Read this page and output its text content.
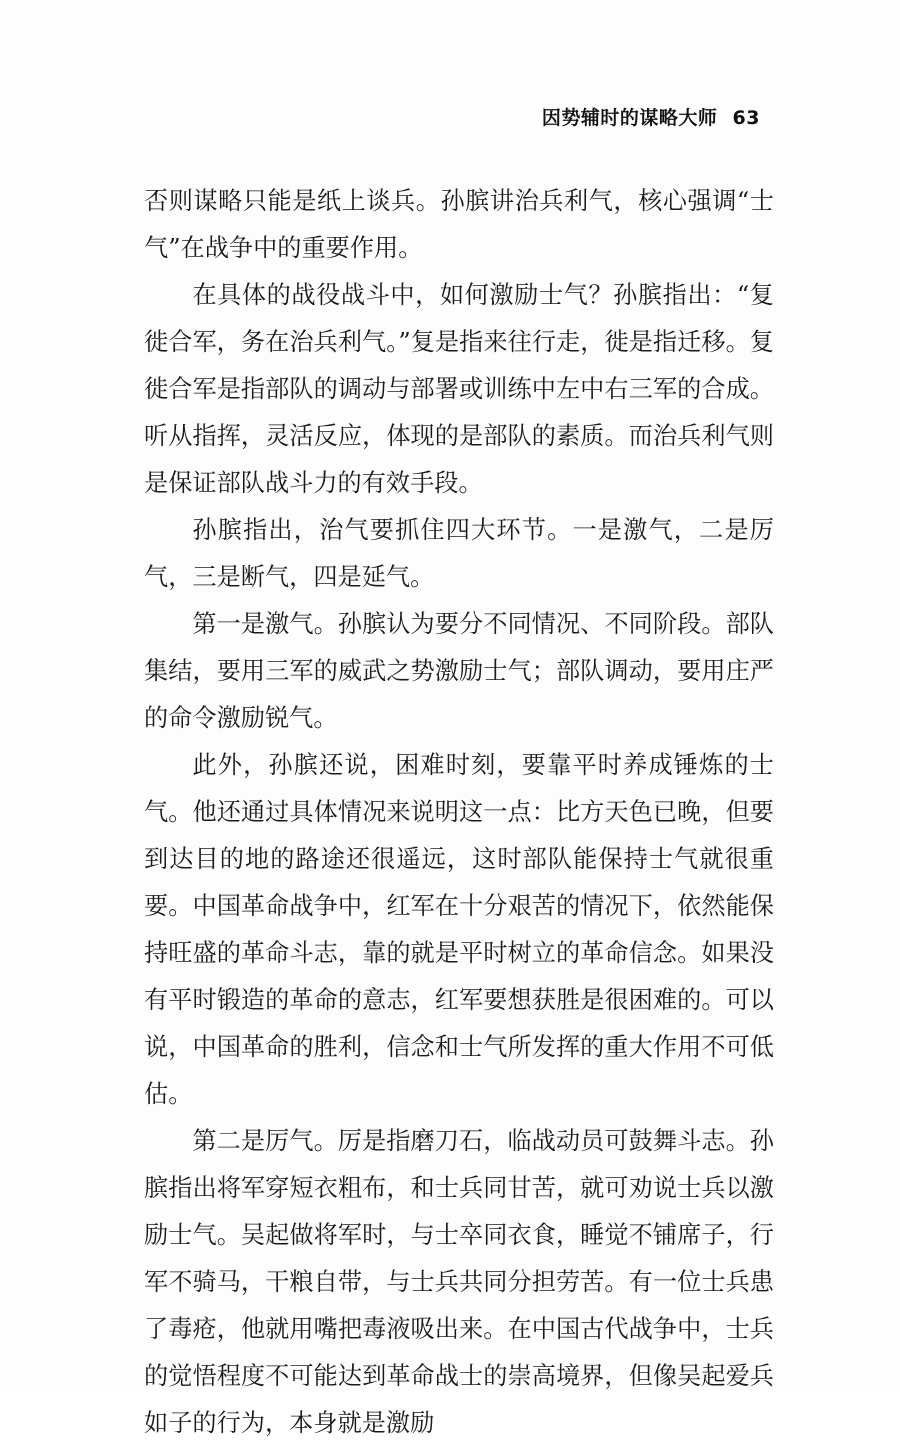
因势辅时的谋略大师 63

否则谋略只能是纸上谈兵。孙膑讲治兵利气，核心强调“士气”在战争中的重要作用。

在具体的战役战斗中，如何激励士气？孙膑指出：“复徙合军，务在治兵利气。”复是指来往行走，徙是指迁移。复徙合军是指部队的调动与部署或训练中左中右三军的合成。听从指挥，灵活反应，体现的是部队的素质。而治兵利气则是保证部队战斗力的有效手段。

孙膑指出，治气要抓住四大环节。一是激气，二是厉气，三是断气，四是延气。

第一是激气。孙膑认为要分不同情况、不同阶段。部队集结，要用三军的威武之势激励士气；部队调动，要用庄严的命令激励锐气。

此外，孙膑还说，困难时刻，要靠平时养成锤炼的士气。他还通过具体情况来说明这一点：比方天色已晚，但要到达目的地的路途还很遥远，这时部队能保持士气就很重要。中国革命战争中，红军在十分艰苦的情况下，依然能保持旺盛的革命斗志，靠的就是平时树立的革命信念。如果没有平时锻造的革命的意志，红军要想获胜是很困难的。可以说，中国革命的胜利，信念和士气所发挥的重大作用不可低估。

第二是厉气。厉是指磨刀石，临战动员可鼓舞斗志。孙膑指出将军穿短衣粗布，和士兵同甘苦，就可劝说士兵以激励士气。吴起做将军时，与士卒同衣食，睡觉不铺席子，行军不骑马，干粮自带，与士兵共同分担劳苦。有一位士兵患了毒疮，他就用嘴把毒液吸出来。在中国古代战争中，士兵的觉悟程度不可能达到革命战士的崇高境界，但像吴起爱兵如子的行为，本身就是激励
